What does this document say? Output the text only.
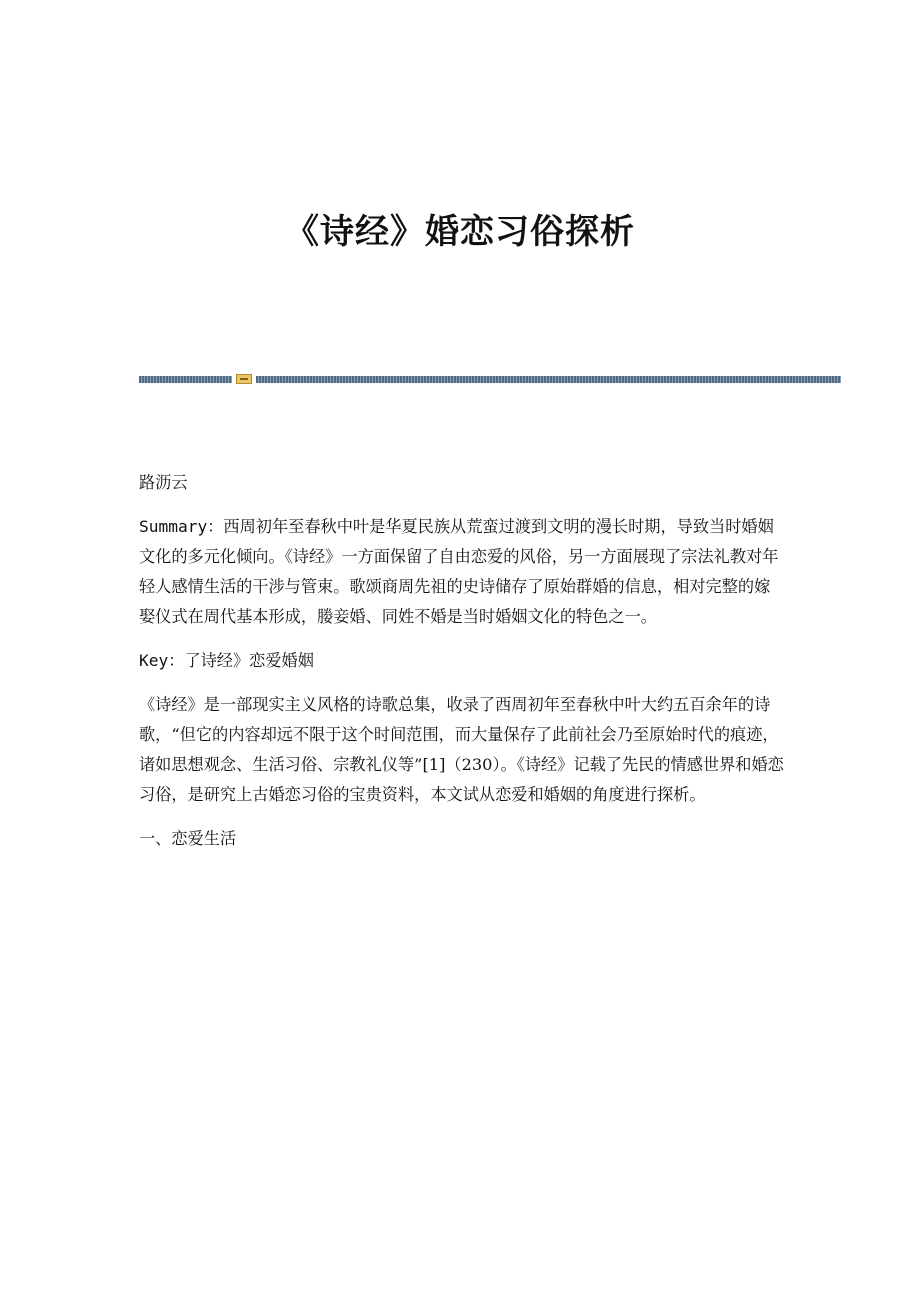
《诗经》婚恋习俗探析

路沥云

Summary：西周初年至春秋中叶是华夏民族从荒蛮过渡到文明的漫长时期，导致当时婚姻文化的多元化倾向。《诗经》一方面保留了自由恋爱的风俗，另一方面展现了宗法礼教对年轻人感情生活的干涉与管束。歌颂商周先祖的史诗储存了原始群婚的信息，相对完整的嫁娶仪式在周代基本形成，媵妾婚、同姓不婚是当时婚姻文化的特色之一。

Key：了诗经》恋爱婚姻

《诗经》是一部现实主义风格的诗歌总集，收录了西周初年至春秋中叶大约五百余年的诗歌，“但它的内容却远不限于这个时间范围，而大量保存了此前社会乃至原始时代的痕迹，诸如思想观念、生活习俗、宗教礼仪等”[1]（230）。《诗经》记载了先民的情感世界和婚恋习俗，是研究上古婚恋习俗的宝贵资料，本文试从恋爱和婚姻的角度进行探析。

一、恋爱生活
